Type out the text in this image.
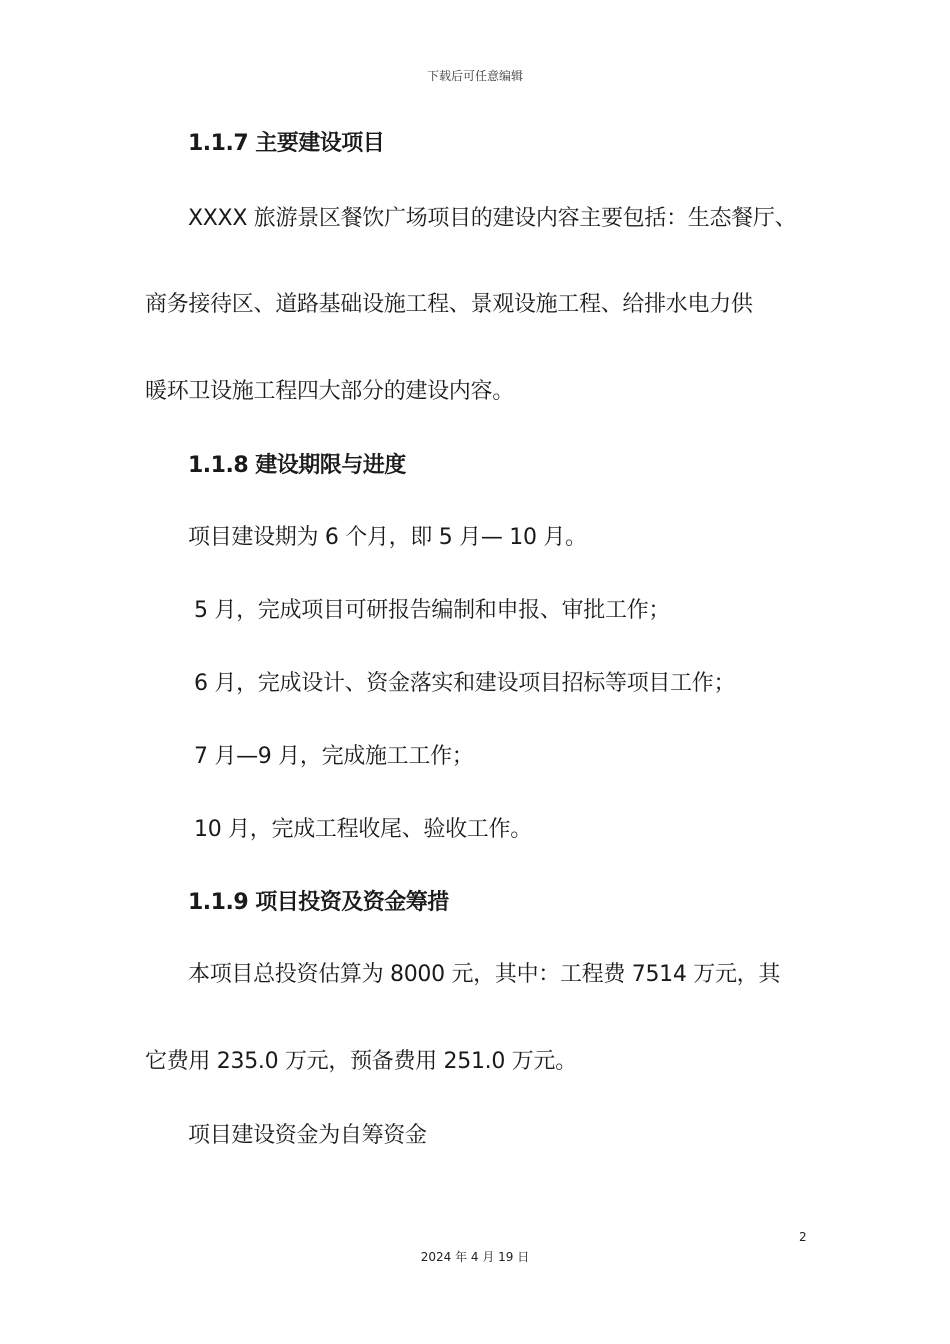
下载后可任意编辑
1.1.7 主要建设项目
XXXX 旅游景区餐饮广场项目的建设内容主要包括：生态餐厅、
商务接待区、道路基础设施工程、景观设施工程、给排水电力供
暖环卫设施工程四大部分的建设内容。
1.1.8 建设期限与进度
项目建设期为 6 个月，即 5 月— 10 月。
5 月，完成项目可研报告编制和申报、审批工作；
6 月，完成设计、资金落实和建设项目招标等项目工作；
7 月—9 月，完成施工工作；
10 月，完成工程收尾、验收工作。
1.1.9 项目投资及资金筹措
本项目总投资估算为 8000 元，其中：工程费 7514 万元，其
它费用 235.0 万元，预备费用 251.0 万元。
项目建设资金为自筹资金
2
2024 年 4 月 19 日
